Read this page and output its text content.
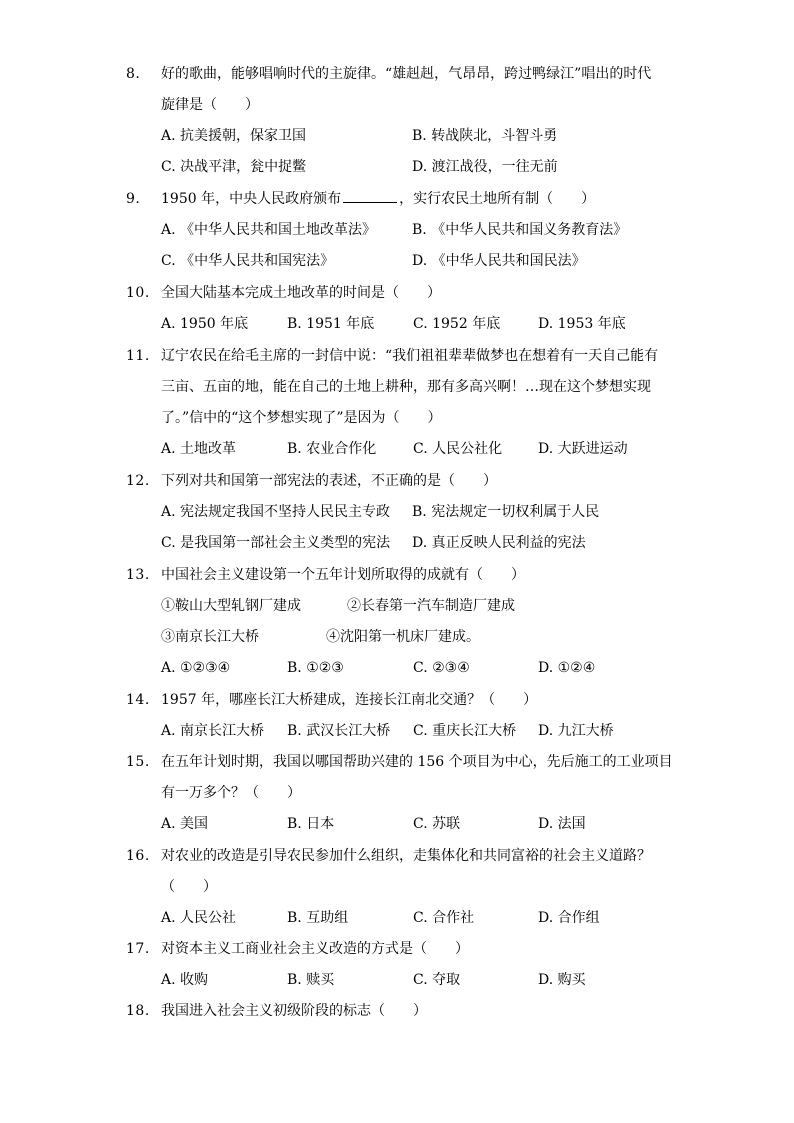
8.	好的歌曲，能够唱响时代的主旋律。“雄赳赳，气昂昂，跨过鸭绿江”唱出的时代
旋律是（　　）
A. 抗美援朝，保家卫国	B. 转战陕北，斗智斗勇
C. 决战平津，瓮中捉鳖	D. 渡江战役，一往无前
9.	1950 年，中央人民政府颁布	，实行农民土地所有制（　　）
A. 《中华人民共和国土地改革法》	B. 《中华人民共和国义务教育法》
C. 《中华人民共和国宪法》	D. 《中华人民共和国民法》
10. 全国大陆基本完成土地改革的时间是（　　）
A. 1950 年底	B. 1951 年底	C. 1952 年底	D. 1953 年底
11. 辽宁农民在给毛主席的一封信中说：“我们祖祖辈辈做梦也在想着有一天自己能有
三亩、五亩的地，能在自己的土地上耕种，那有多高兴啊！…现在这个梦想实现
了。”信中的“这个梦想实现了”是因为（　　）
A. 土地改革	B. 农业合作化	C. 人民公社化	D. 大跃进运动
12. 下列对共和国第一部宪法的表述，不正确的是（　　）
A. 宪法规定我国不坚持人民民主专政 B. 宪法规定一切权利属于人民
C. 是我国第一部社会主义类型的宪法 D. 真正反映人民利益的宪法
13. 中国社会主义建设第一个五年计划所取得的成就有（　　）
①鞍山大型轧钢厂建成	②长春第一汽车制造厂建成
③南京长江大桥	④沈阳第一机床厂建成。
A. ①②③④	B. ①②③	C. ②③④	D. ①②④
14. 1957 年，哪座长江大桥建成，连接长江南北交通？（　　）
A. 南京长江大桥 B. 武汉长江大桥 C. 重庆长江大桥 D. 九江大桥
15. 在五年计划时期，我国以哪国帮助兴建的 156 个项目为中心，先后施工的工业项目
有一万多个？（　　）
A. 美国	B. 日本	C. 苏联	D. 法国
16. 对农业的改造是引导农民参加什么组织，走集体化和共同富裕的社会主义道路？
（　　）
A. 人民公社	B. 互助组	C. 合作社	D. 合作组
17. 对资本主义工商业社会主义改造的方式是（　　）
A. 收购	B. 赎买	C. 夺取	D. 购买
18. 我国进入社会主义初级阶段的标志（　　）
